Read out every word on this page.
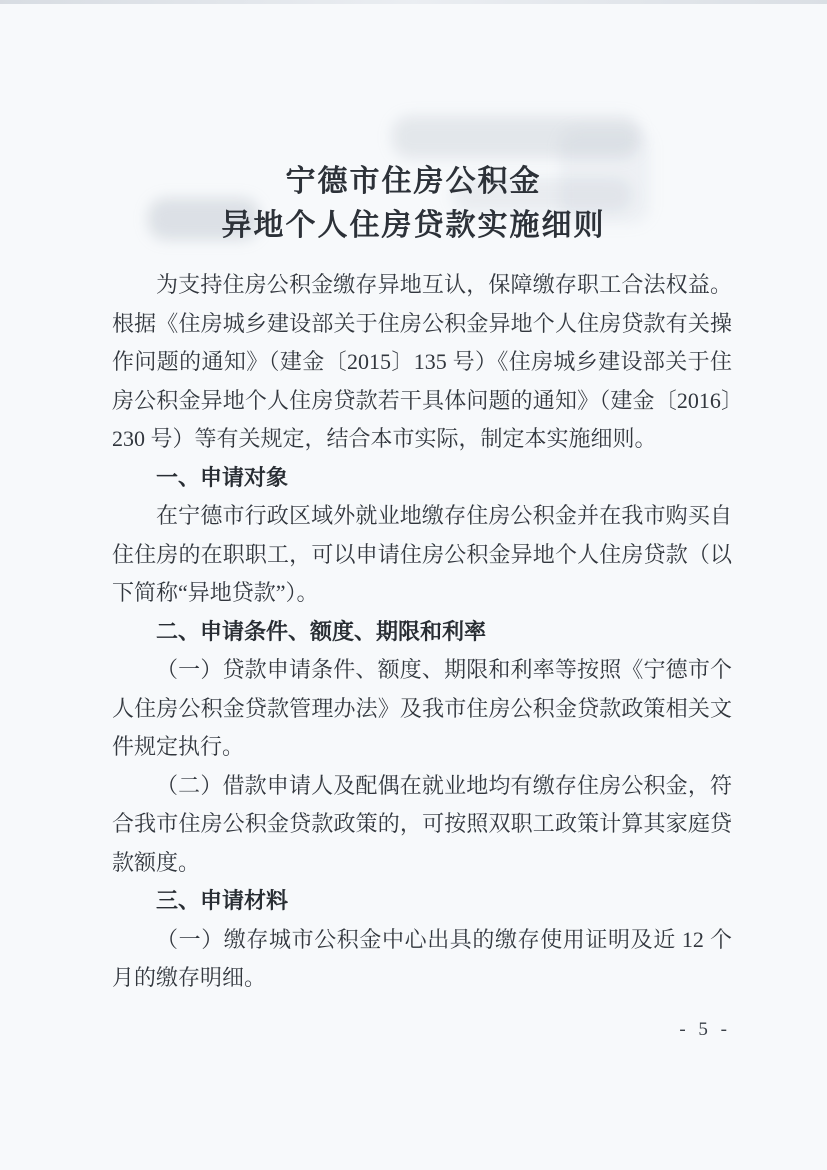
宁德市住房公积金
异地个人住房贷款实施细则

为支持住房公积金缴存异地互认，保障缴存职工合法权益。根据《住房城乡建设部关于住房公积金异地个人住房贷款有关操作问题的通知》（建金〔2015〕135 号）《住房城乡建设部关于住房公积金异地个人住房贷款若干具体问题的通知》（建金〔2016〕230 号）等有关规定，结合本市实际，制定本实施细则。

一、申请对象

在宁德市行政区域外就业地缴存住房公积金并在我市购买自住住房的在职职工，可以申请住房公积金异地个人住房贷款（以下简称“异地贷款”）。

二、申请条件、额度、期限和利率

（一）贷款申请条件、额度、期限和利率等按照《宁德市个人住房公积金贷款管理办法》及我市住房公积金贷款政策相关文件规定执行。

（二）借款申请人及配偶在就业地均有缴存住房公积金，符合我市住房公积金贷款政策的，可按照双职工政策计算其家庭贷款额度。

三、申请材料

（一）缴存城市公积金中心出具的缴存使用证明及近 12 个月的缴存明细。

- 5 -
